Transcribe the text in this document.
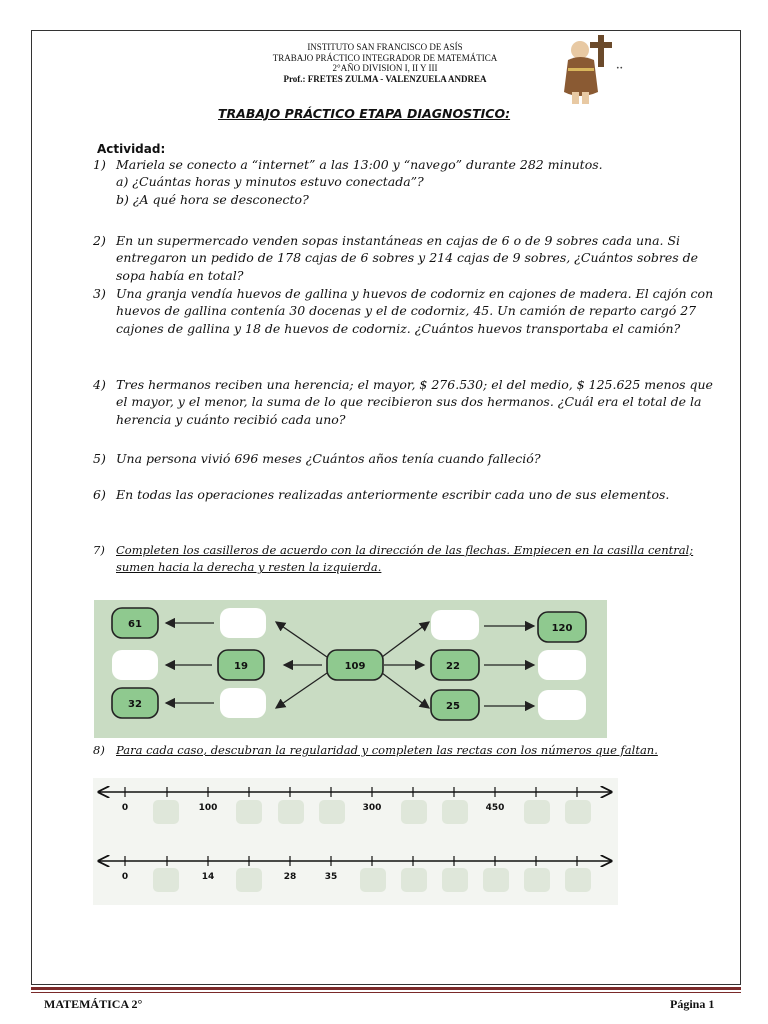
INSTITUTO SAN FRANCISCO DE ASÍS
TRABAJO PRÁCTICO INTEGRADOR DE MATEMÁTICA
2°AÑO DIVISION I, II Y III
Prof.: FRETES ZULMA - VALENZUELA ANDREA
••
TRABAJO PRÁCTICO ETAPA DIAGNOSTICO:
Actividad:
1) Mariela se conecto a “internet” a las 13:00 y “navego” durante 282 minutos.
a) ¿Cuántas horas y minutos estuvo conectada”?
b) ¿A qué hora se desconecto?
2) En un supermercado venden sopas instantáneas en cajas de 6 o de 9 sobres cada una. Si entregaron un pedido de 178 cajas de 6 sobres y 214 cajas de 9 sobres, ¿Cuántos sobres de sopa había en total?
3) Una granja vendía huevos de gallina y huevos de codorniz en cajones de madera. El cajón con huevos de gallina contenía 30 docenas y el de codorniz, 45. Un camión de reparto cargó 27 cajones de gallina y 18 de huevos de codorniz. ¿Cuántos huevos transportaba el camión?
4) Tres hermanos reciben una herencia; el mayor, $ 276.530; el del medio, $ 125.625 menos que el mayor, y el menor, la suma de lo que recibieron sus dos hermanos. ¿Cuál era el total de la herencia y cuánto recibió cada uno?
5) Una persona vivió 696 meses ¿Cuántos años tenía cuando falleció?
6) En todas las operaciones realizadas anteriormente escribir cada uno de sus elementos.
7) Completen los casilleros de acuerdo con la dirección de las flechas. Empiecen en la casilla central; sumen hacia la derecha y resten la izquierda.
61
19
32
109	22
25
120
8) Para cada caso, descubran la regularidad y completen las rectas con los números que faltan.
0	100	300	450
0	14	28	35
MATEMÁTICA 2°	Página 1
